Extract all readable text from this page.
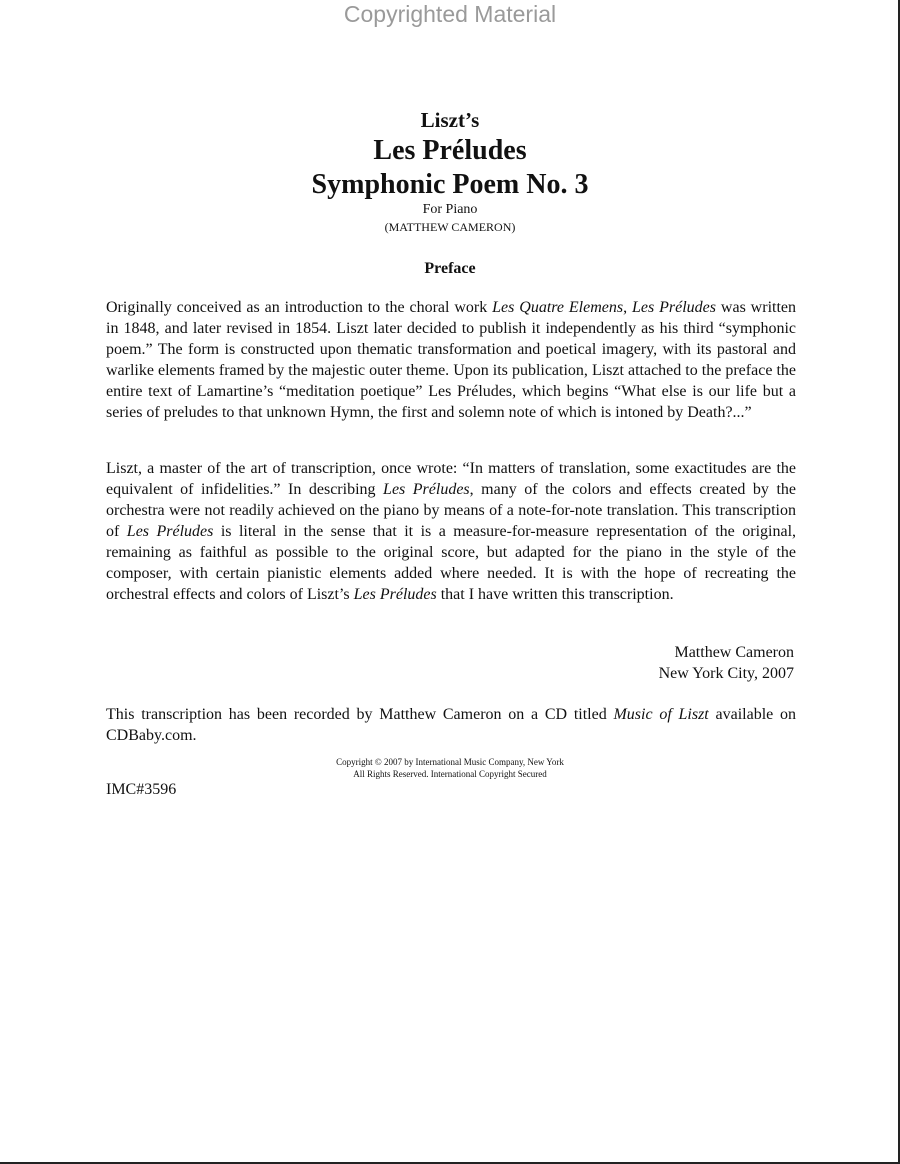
Copyrighted Material
Liszt’s
Les Préludes
Symphonic Poem No. 3
For Piano
(MATTHEW CAMERON)
Preface

Originally conceived as an introduction to the choral work Les Quatre Elemens, Les Préludes was written in 1848, and later revised in 1854. Liszt later decided to publish it independently as his third “symphonic poem.” The form is constructed upon thematic transformation and poetical imagery, with its pastoral and warlike elements framed by the majestic outer theme. Upon its publication, Liszt attached to the preface the entire text of Lamartine’s “meditation poetique” Les Préludes, which begins “What else is our life but a series of preludes to that unknown Hymn, the first and solemn note of which is intoned by Death?...”

Liszt, a master of the art of transcription, once wrote: “In matters of translation, some exactitudes are the equivalent of infidelities.” In describing Les Préludes, many of the colors and effects created by the orchestra were not readily achieved on the piano by means of a note-for-note translation. This transcription of Les Préludes is literal in the sense that it is a measure-for-measure representation of the original, remaining as faithful as possible to the original score, but adapted for the piano in the style of the composer, with certain pianistic elements added where needed. It is with the hope of recreating the orchestral effects and colors of Liszt’s Les Préludes that I have written this transcription.

Matthew Cameron
New York City, 2007

This transcription has been recorded by Matthew Cameron on a CD titled Music of Liszt available on CDBaby.com.

Copyright © 2007 by International Music Company, New York
All Rights Reserved. International Copyright Secured
IMC#3596
